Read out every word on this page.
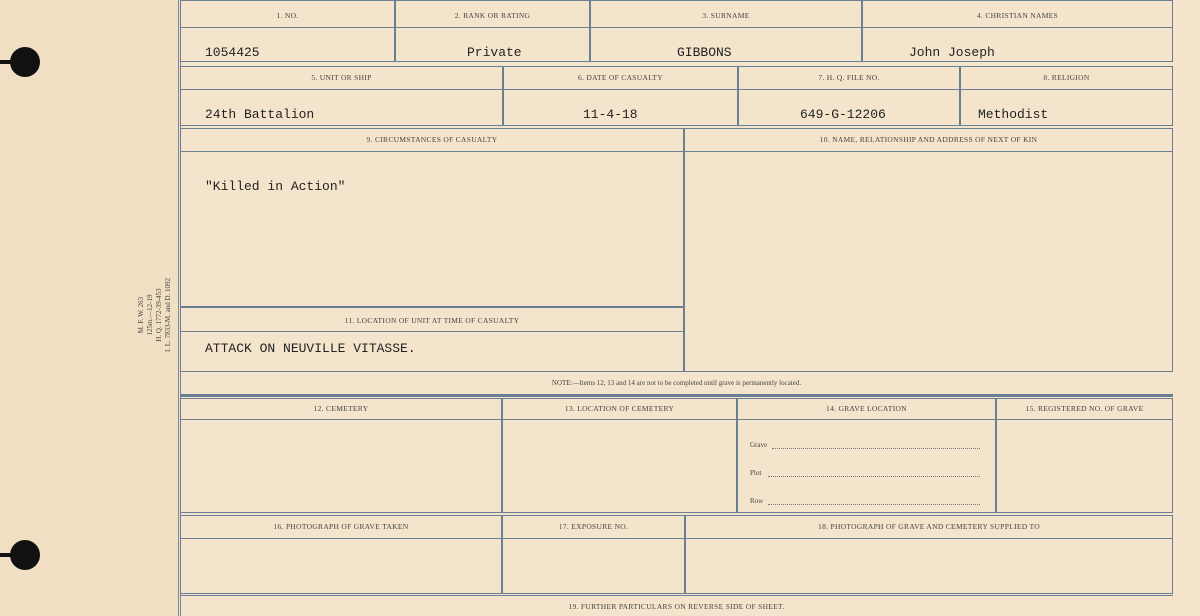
M. F. W. 263 125m.—12-19 H. Q. 1772-39-453 I. L. 7833-M. and D. 1092
1. NO.	2. RANK OR RATING	3. SURNAME	4. CHRISTIAN NAMES
1054425	Private	GIBBONS	John Joseph
5. UNIT OR SHIP	6. DATE OF CASUALTY	7. H. Q. FILE NO.	8. RELIGION
24th Battalion	11-4-18	649-G-12206	Methodist
9. CIRCUMSTANCES OF CASUALTY	10. NAME, RELATIONSHIP AND ADDRESS OF NEXT OF KIN
"Killed in Action"
11. LOCATION OF UNIT AT TIME OF CASUALTY
ATTACK ON NEUVILLE VITASSE.
NOTE:—Items 12, 13 and 14 are not to be completed until grave is permanently located.
12. CEMETERY	13. LOCATION OF CEMETERY	14. GRAVE LOCATION	15. REGISTERED NO. OF GRAVE
Grave
Plot
Row
16. PHOTOGRAPH OF GRAVE TAKEN	17. EXPOSURE NO.	18. PHOTOGRAPH OF GRAVE AND CEMETERY SUPPLIED TO
19. FURTHER PARTICULARS ON REVERSE SIDE OF SHEET.
